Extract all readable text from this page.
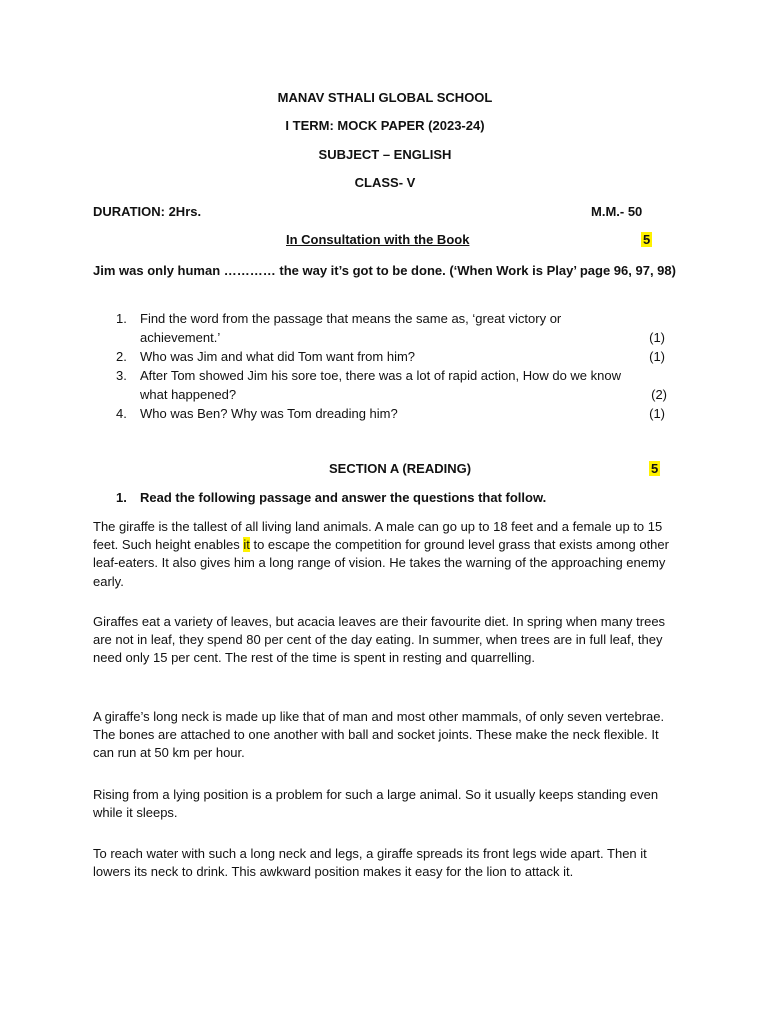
MANAV STHALI GLOBAL SCHOOL
I TERM: MOCK PAPER (2023-24)
SUBJECT – ENGLISH
CLASS- V
DURATION: 2Hrs.	M.M.- 50
In Consultation with the Book	5
Jim was only human ………… the way it’s got to be done. (‘When Work is Play’ page 96, 97, 98)
1.	Find the word from the passage that means the same as, ‘great victory or
achievement.’	(1)
2.	Who was Jim and what did Tom want from him?	(1)
3.	After Tom showed Jim his sore toe, there was a lot of rapid action, How do we know
what happened?	(2)
4.	Who was Ben? Why was Tom dreading him?	(1)
SECTION A (READING)	5
1. Read the following passage and answer the questions that follow.
The giraffe is the tallest of all living land animals. A male can go up to 18 feet and a female up to 15 feet. Such height enables it to escape the competition for ground level grass that exists among other leaf-eaters. It also gives him a long range of vision. He takes the warning of the approaching enemy early.
Giraffes eat a variety of leaves, but acacia leaves are their favourite diet. In spring when many trees are not in leaf, they spend 80 per cent of the day eating. In summer, when trees are in full leaf, they need only 15 per cent. The rest of the time is spent in resting and quarrelling.
A giraffe’s long neck is made up like that of man and most other mammals, of only seven vertebrae. The bones are attached to one another with ball and socket joints. These make the neck flexible. It can run at 50 km per hour.
Rising from a lying position is a problem for such a large animal. So it usually keeps standing even while it sleeps.
To reach water with such a long neck and legs, a giraffe spreads its front legs wide apart. Then it lowers its neck to drink. This awkward position makes it easy for the lion to attack it.
